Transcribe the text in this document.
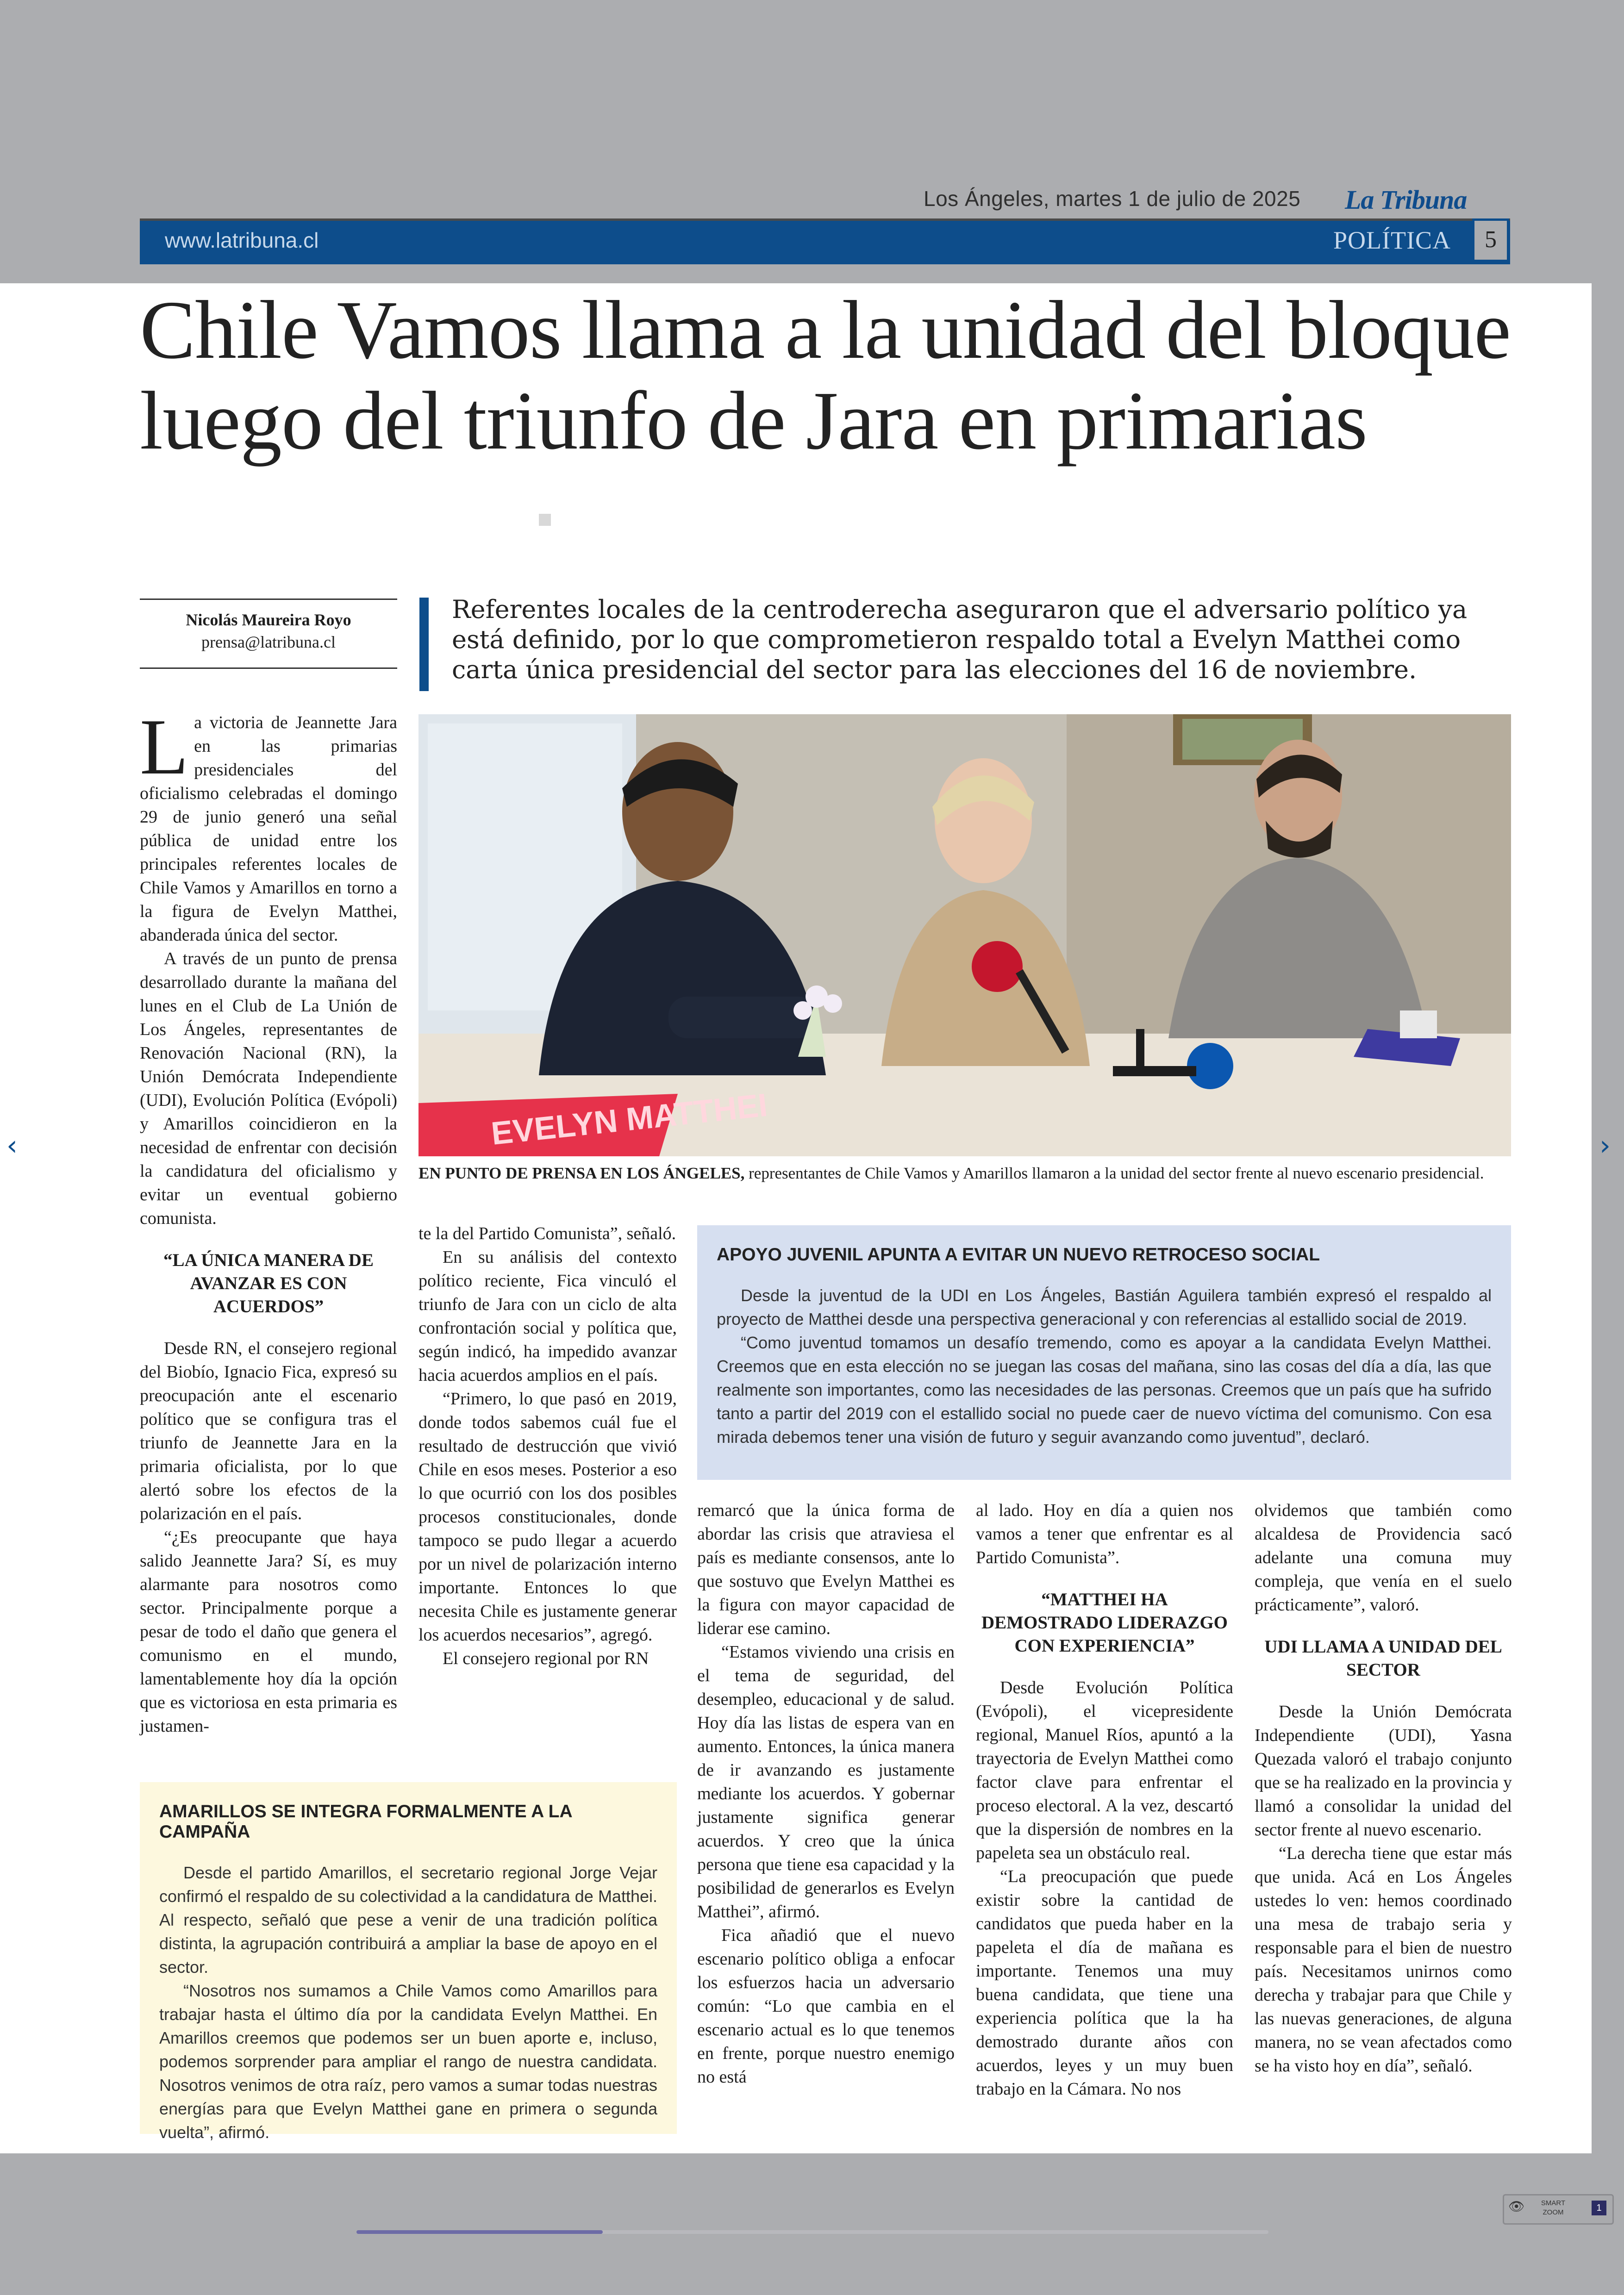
Los Ángeles, martes 1 de julio de 2025 La Tribuna
www.latribuna.cl	POLÍTICA	5
Chile Vamos llama a la unidad del bloque luego del triunfo de Jara en primarias
Nicolás Maureira Royo
prensa@latribuna.cl
Referentes locales de la centroderecha aseguraron que el adversario político ya está definido, por lo que comprometieron respaldo total a Evelyn Matthei como carta única presidencial del sector para las elecciones del 16 de noviembre.
EVELYN MATTHEI
EN PUNTO DE PRENSA EN LOS ÁNGELES, representantes de Chile Vamos y Amarillos llamaron a la unidad del sector frente al nuevo escenario presidencial.

La victoria de Jeannette Jara en las primarias presidenciales del oficialismo celebradas el domingo 29 de junio generó una señal pública de unidad entre los principales referentes locales de Chile Vamos y Amarillos en torno a la figura de Evelyn Matthei, abanderada única del sector.

A través de un punto de prensa desarrollado durante la mañana del lunes en el Club de La Unión de Los Ángeles, representantes de Renovación Nacional (RN), la Unión Demócrata Independiente (UDI), Evolución Política (Evópoli) y Amarillos coincidieron en la necesidad de enfrentar con decisión la candidatura del oficialismo y evitar un eventual gobierno comunista.

“LA ÚNICA MANERA DE AVANZAR ES CON ACUERDOS”

Desde RN, el consejero regional del Biobío, Ignacio Fica, expresó su preocupación ante el escenario político que se configura tras el triunfo de Jeannette Jara en la primaria oficialista, por lo que alertó sobre los efectos de la polarización en el país.

“¿Es preocupante que haya salido Jeannette Jara? Sí, es muy alarmante para nosotros como sector. Principalmente porque a pesar de todo el daño que genera el comunismo en el mundo, lamentablemente hoy día la opción que es victoriosa en esta primaria es justamen-

te la del Partido Comunista”, señaló.

En su análisis del contexto político reciente, Fica vinculó el triunfo de Jara con un ciclo de alta confrontación social y política que, según indicó, ha impedido avanzar hacia acuerdos amplios en el país.

“Primero, lo que pasó en 2019, donde todos sabemos cuál fue el resultado de destrucción que vivió Chile en esos meses. Posterior a eso lo que ocurrió con los dos posibles procesos constitucionales, donde tampoco se pudo llegar a acuerdo por un nivel de polarización interno importante. Entonces lo que necesita Chile es justamente generar los acuerdos necesarios”, agregó.

El consejero regional por RN

APOYO JUVENIL APUNTA A EVITAR UN NUEVO RETROCESO SOCIAL

Desde la juventud de la UDI en Los Ángeles, Bastián Aguilera también expresó el respaldo al proyecto de Matthei desde una perspectiva generacional y con referencias al estallido social de 2019.

“Como juventud tomamos un desafío tremendo, como es apoyar a la candidata Evelyn Matthei. Creemos que en esta elección no se juegan las cosas del mañana, sino las cosas del día a día, las que realmente son importantes, como las necesidades de las personas. Creemos que un país que ha sufrido tanto a partir del 2019 con el estallido social no puede caer de nuevo víctima del comunismo. Con esa mirada debemos tener una visión de futuro y seguir avanzando como juventud”, declaró.

remarcó que la única forma de abordar las crisis que atraviesa el país es mediante consensos, ante lo que sostuvo que Evelyn Matthei es la figura con mayor capacidad de liderar ese camino.

“Estamos viviendo una crisis en el tema de seguridad, del desempleo, educacional y de salud. Hoy día las listas de espera van en aumento. Entonces, la única manera de ir avanzando es justamente mediante los acuerdos. Y gobernar justamente significa generar acuerdos. Y creo que la única persona que tiene esa capacidad y la posibilidad de generarlos es Evelyn Matthei”, afirmó.

Fica añadió que el nuevo escenario político obliga a enfocar los esfuerzos hacia un adversario común: “Lo que cambia en el escenario actual es lo que tenemos en frente, porque nuestro enemigo no está

al lado. Hoy en día a quien nos vamos a tener que enfrentar es al Partido Comunista”.

“MATTHEI HA DEMOSTRADO LIDERAZGO CON EXPERIENCIA”

Desde Evolución Política (Evópoli), el vicepresidente regional, Manuel Ríos, apuntó a la trayectoria de Evelyn Matthei como factor clave para enfrentar el proceso electoral. A la vez, descartó que la dispersión de nombres en la papeleta sea un obstáculo real.

“La preocupación que puede existir sobre la cantidad de candidatos que pueda haber en la papeleta el día de mañana es importante. Tenemos una muy buena candidata, que tiene una experiencia política que la ha demostrado durante años con acuerdos, leyes y un muy buen trabajo en la Cámara. No nos

olvidemos que también como alcaldesa de Providencia sacó adelante una comuna muy compleja, que venía en el suelo prácticamente”, valoró.

UDI LLAMA A UNIDAD DEL SECTOR

Desde la Unión Demócrata Independiente (UDI), Yasna Quezada valoró el trabajo conjunto que se ha realizado en la provincia y llamó a consolidar la unidad del sector frente al nuevo escenario.

“La derecha tiene que estar más que unida. Acá en Los Ángeles ustedes lo ven: hemos coordinado una mesa de trabajo seria y responsable para el bien de nuestro país. Necesitamos unirnos como derecha y trabajar para que Chile y las nuevas generaciones, de alguna manera, no se vean afectados como se ha visto hoy en día”, señaló.

AMARILLOS SE INTEGRA FORMALMENTE A LA CAMPAÑA

Desde el partido Amarillos, el secretario regional Jorge Vejar confirmó el respaldo de su colectividad a la candidatura de Matthei. Al respecto, señaló que pese a venir de una tradición política distinta, la agrupación contribuirá a ampliar la base de apoyo en el sector.

“Nosotros nos sumamos a Chile Vamos como Amarillos para trabajar hasta el último día por la candidata Evelyn Matthei. En Amarillos creemos que podemos ser un buen aporte e, incluso, podemos sorprender para ampliar el rango de nuestra candidata. Nosotros venimos de otra raíz, pero vamos a sumar todas nuestras energías para que Evelyn Matthei gane en primera o segunda vuelta”, afirmó.

‹	›
👁 SMART ZOOM	1
